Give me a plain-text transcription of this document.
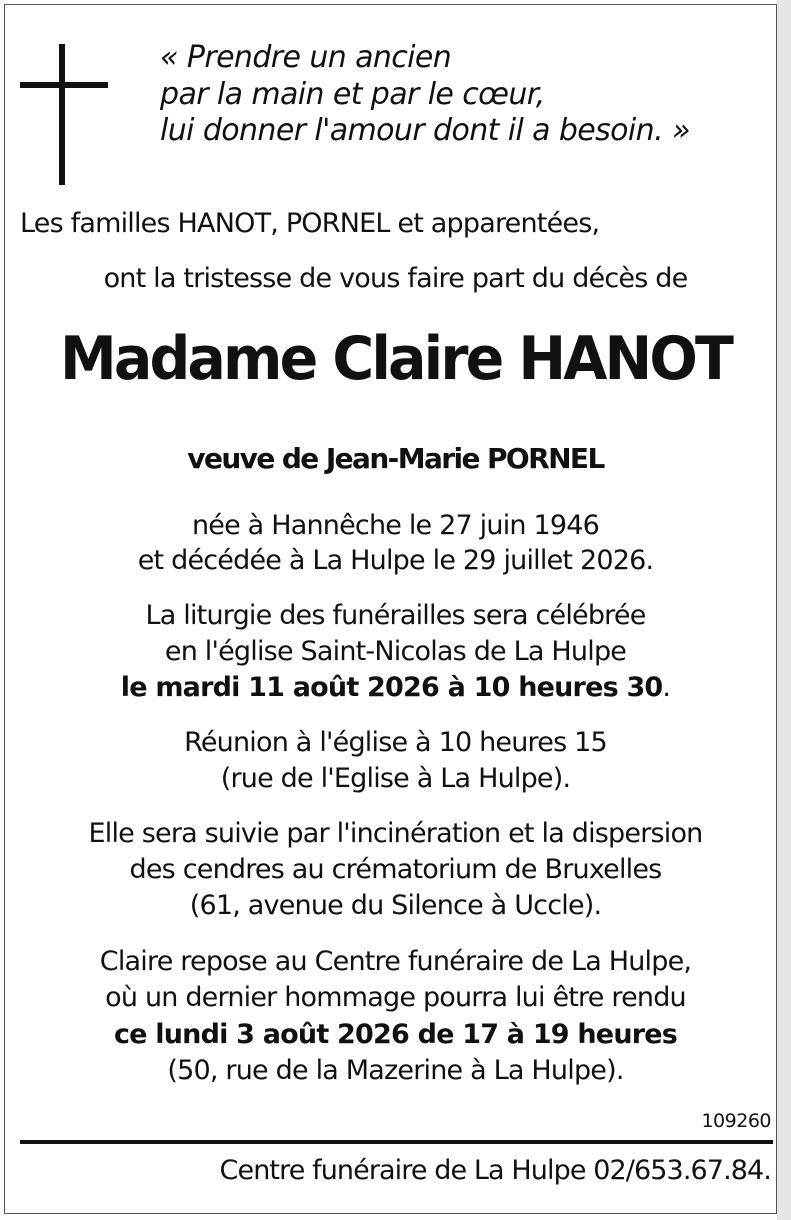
« Prendre un ancien
par la main et par le cœur,
lui donner l'amour dont il a besoin. »
Les familles HANOT, PORNEL et apparentées,
ont la tristesse de vous faire part du décès de
Madame Claire HANOT
veuve de Jean-Marie PORNEL
née à Hannêche le 27 juin 1946
et décédée à La Hulpe le 29 juillet 2026.
La liturgie des funérailles sera célébrée
en l'église Saint-Nicolas de La Hulpe
le mardi 11 août 2026 à 10 heures 30.
Réunion à l'église à 10 heures 15
(rue de l'Eglise à La Hulpe).
Elle sera suivie par l'incinération et la dispersion
des cendres au crématorium de Bruxelles
(61, avenue du Silence à Uccle).
Claire repose au Centre funéraire de La Hulpe,
où un dernier hommage pourra lui être rendu
ce lundi 3 août 2026 de 17 à 19 heures
(50, rue de la Mazerine à La Hulpe).
109260
Centre funéraire de La Hulpe 02/653.67.84.
